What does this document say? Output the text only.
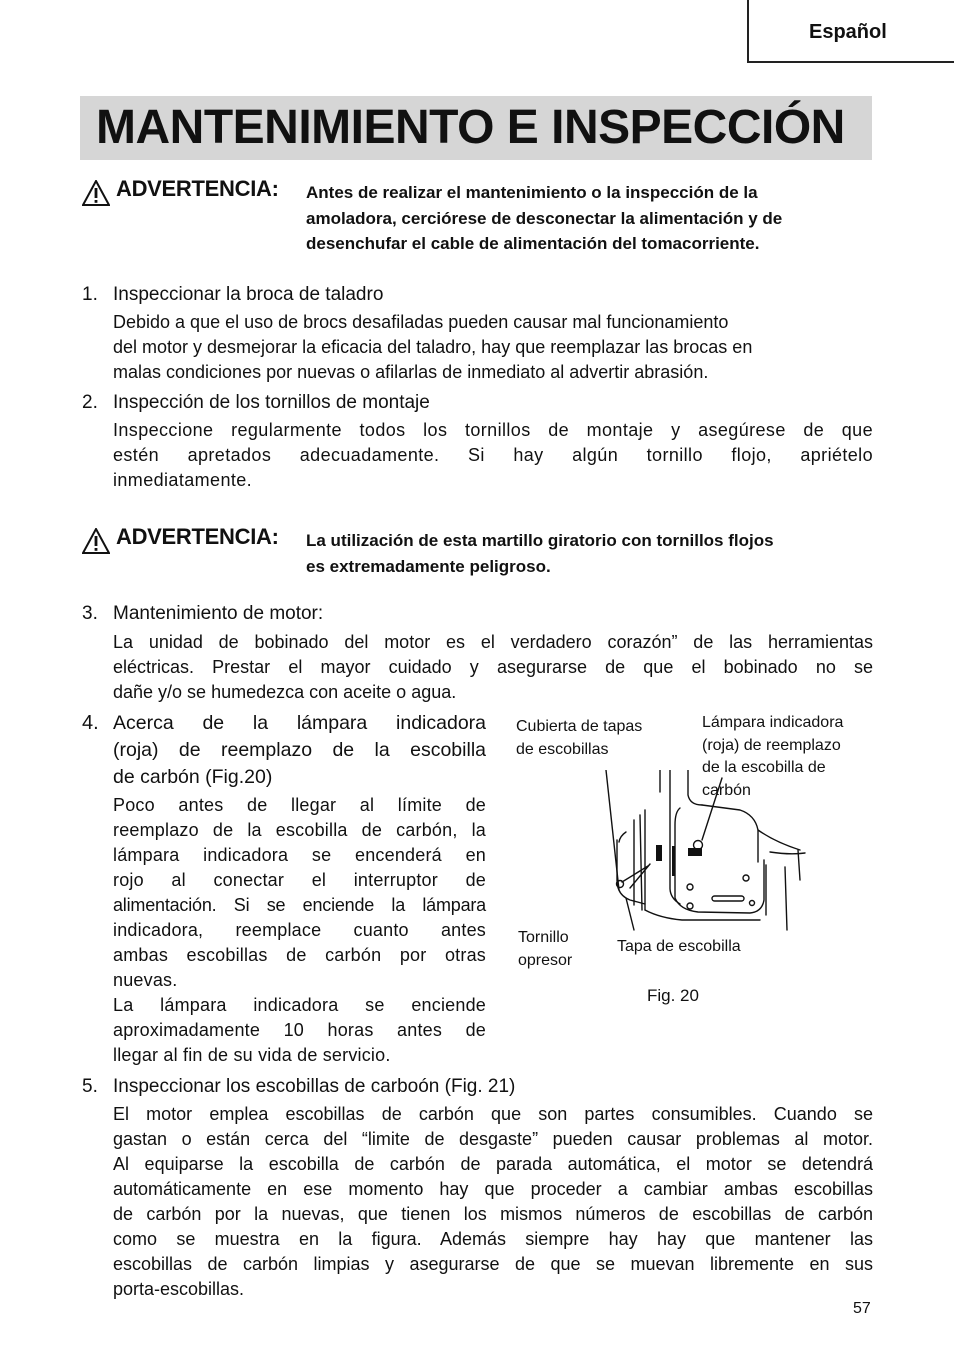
Español
MANTENIMIENTO E INSPECCIÓN
ADVERTENCIA: Antes de realizar el mantenimiento o la inspección de la
amoladora, cerciórese de desconectar la alimentación y de
desenchufar el cable de alimentación del tomacorriente.
1. Inspeccionar la broca de taladro
Debido a que el uso de brocs desafiladas pueden causar mal funcionamiento
del motor y desmejorar la eficacia del taladro, hay que reemplazar las brocas en
malas condiciones por nuevas o afilarlas de inmediato al advertir abrasión.
2. Inspección de los tornillos de montaje
Inspeccione regularmente todos los tornillos de montaje y asegúrese de que
estén apretados adecuadamente. Si hay algún tornillo flojo, apriételo
inmediatamente.
ADVERTENCIA: La utilización de esta martillo giratorio con tornillos flojos
es extremadamente peligroso.
3. Mantenimiento de motor:
La unidad de bobinado del motor es el verdadero corazón” de las herramientas
eléctricas. Prestar el mayor cuidado y asegurarse de que el bobinado no se
dañe y/o se humedezca con aceite o agua.
4. Acerca de la lámpara indicadora
(roja) de reemplazo de la escobilla
de carbón (Fig.20)
Poco antes de llegar al límite de
reemplazo de la escobilla de carbón, la
lámpara indicadora se encenderá en
rojo al conectar el interruptor de
alimentación. Si se enciende la lámpara
indicadora, reemplace cuanto antes
ambas escobillas de carbón por otras
nuevas.
La lámpara indicadora se enciende
aproximadamente 10 horas antes de
llegar al fin de su vida de servicio.
Cubierta de tapas
de escobillas
Lámpara indicadora
(roja) de reemplazo
de la escobilla de
carbón
Tornillo
opresor
Tapa de escobilla
Fig. 20
5. Inspeccionar los escobillas de carboón (Fig. 21)
El motor emplea escobillas de carbón que son partes consumibles. Cuando se
gastan o están cerca del “limite de desgaste” pueden causar problemas al motor.
Al equiparse la escobilla de carbón de parada automática, el motor se detendrá
automáticamente en ese momento hay que proceder a cambiar ambas escobillas
de carbón por la nuevas, que tienen los mismos números de escobillas de carbón
como se muestra en la figura. Además siempre hay hay que mantener las
escobillas de carbón limpias y asegurarse de que se muevan libremente en sus
porta-escobillas.
57
